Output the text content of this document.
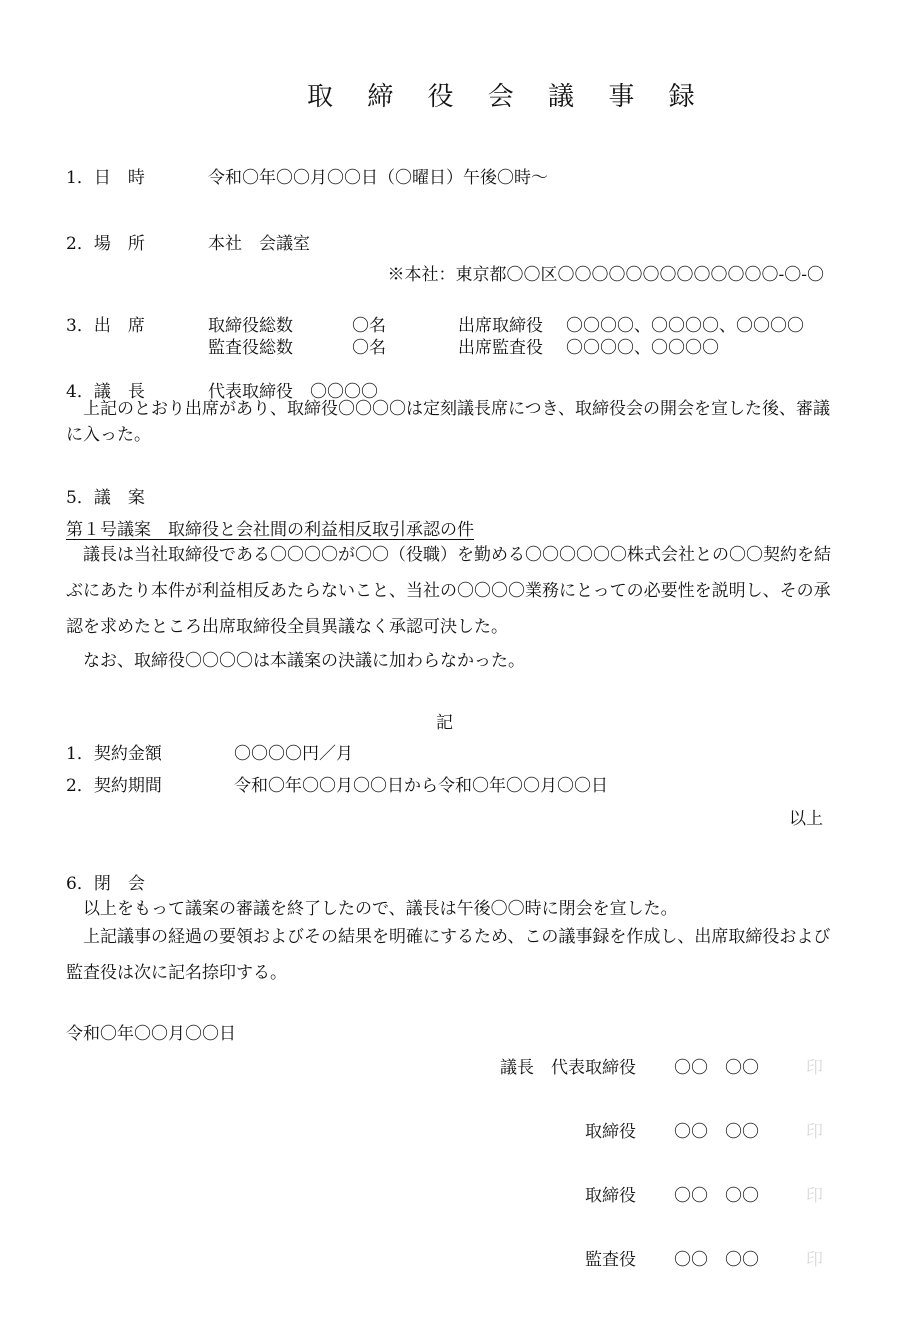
取 締 役 会 議 事 録
1．日　時	令和〇年〇〇月〇〇日（〇曜日）午後〇時～
2．場　所	本社　会議室
※本社：東京都〇〇区〇〇〇〇〇〇〇〇〇〇〇〇〇-〇-〇
3．出　席	取締役総数	〇名	出席取締役 〇〇〇〇、〇〇〇〇、〇〇〇〇
監査役総数	〇名	出席監査役 〇〇〇〇、〇〇〇〇
4．議　長	代表取締役　〇〇〇〇
上記のとおり出席があり、取締役〇〇〇〇は定刻議長席につき、取締役会の開会を宣した後、審議に入った。
5．議　案
第１号議案　取締役と会社間の利益相反取引承認の件
議長は当社取締役である〇〇〇〇が〇〇（役職）を勤める〇〇〇〇〇〇株式会社との〇〇契約を結ぶにあたり本件が利益相反あたらないこと、当社の〇〇〇〇業務にとっての必要性を説明し、その承認を求めたところ出席取締役全員異議なく承認可決した。
なお、取締役〇〇〇〇は本議案の決議に加わらなかった。
記
1．契約金額	〇〇〇〇円／月
2．契約期間	令和〇年〇〇月〇〇日から令和〇年〇〇月〇〇日
以上
6．閉　会
以上をもって議案の審議を終了したので、議長は午後〇〇時に閉会を宣した。
上記議事の経過の要領およびその結果を明確にするため、この議事録を作成し、出席取締役および監査役は次に記名捺印する。
令和〇年〇〇月〇〇日
議長　代表取締役 〇〇　〇〇	印
取締役 〇〇　〇〇	印
取締役 〇〇　〇〇	印
監査役 〇〇　〇〇	印
